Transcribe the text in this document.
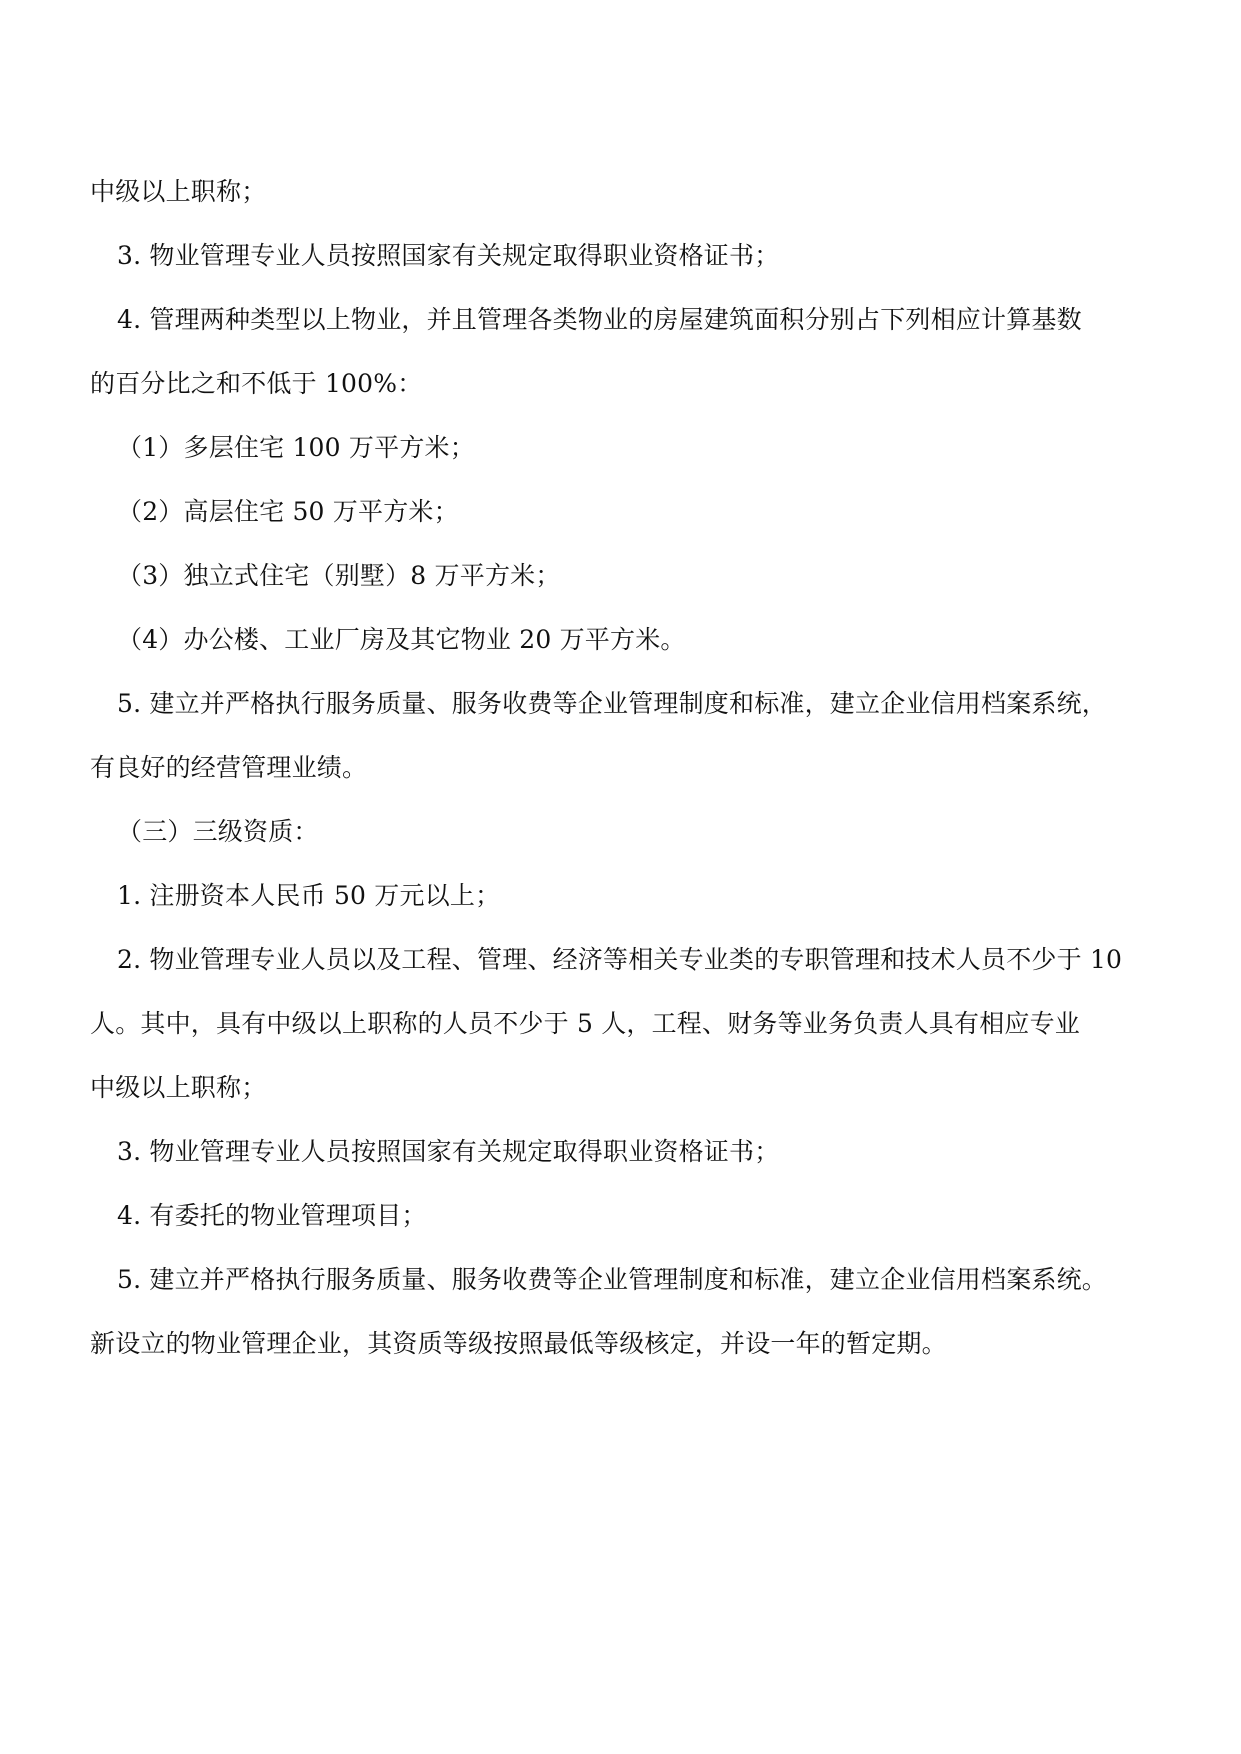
中级以上职称；
3. 物业管理专业人员按照国家有关规定取得职业资格证书；
4. 管理两种类型以上物业，并且管理各类物业的房屋建筑面积分别占下列相应计算基数
的百分比之和不低于 100%：
（1）多层住宅 100 万平方米；
（2）高层住宅 50 万平方米；
（3）独立式住宅（别墅）8 万平方米；
（4）办公楼、工业厂房及其它物业 20 万平方米。
5. 建立并严格执行服务质量、服务收费等企业管理制度和标准，建立企业信用档案系统，
有良好的经营管理业绩。
（三）三级资质：
1. 注册资本人民币 50 万元以上；
2. 物业管理专业人员以及工程、管理、经济等相关专业类的专职管理和技术人员不少于 10
人。其中，具有中级以上职称的人员不少于 5 人，工程、财务等业务负责人具有相应专业
中级以上职称；
3. 物业管理专业人员按照国家有关规定取得职业资格证书；
4. 有委托的物业管理项目；
5. 建立并严格执行服务质量、服务收费等企业管理制度和标准，建立企业信用档案系统。
新设立的物业管理企业，其资质等级按照最低等级核定，并设一年的暂定期。
